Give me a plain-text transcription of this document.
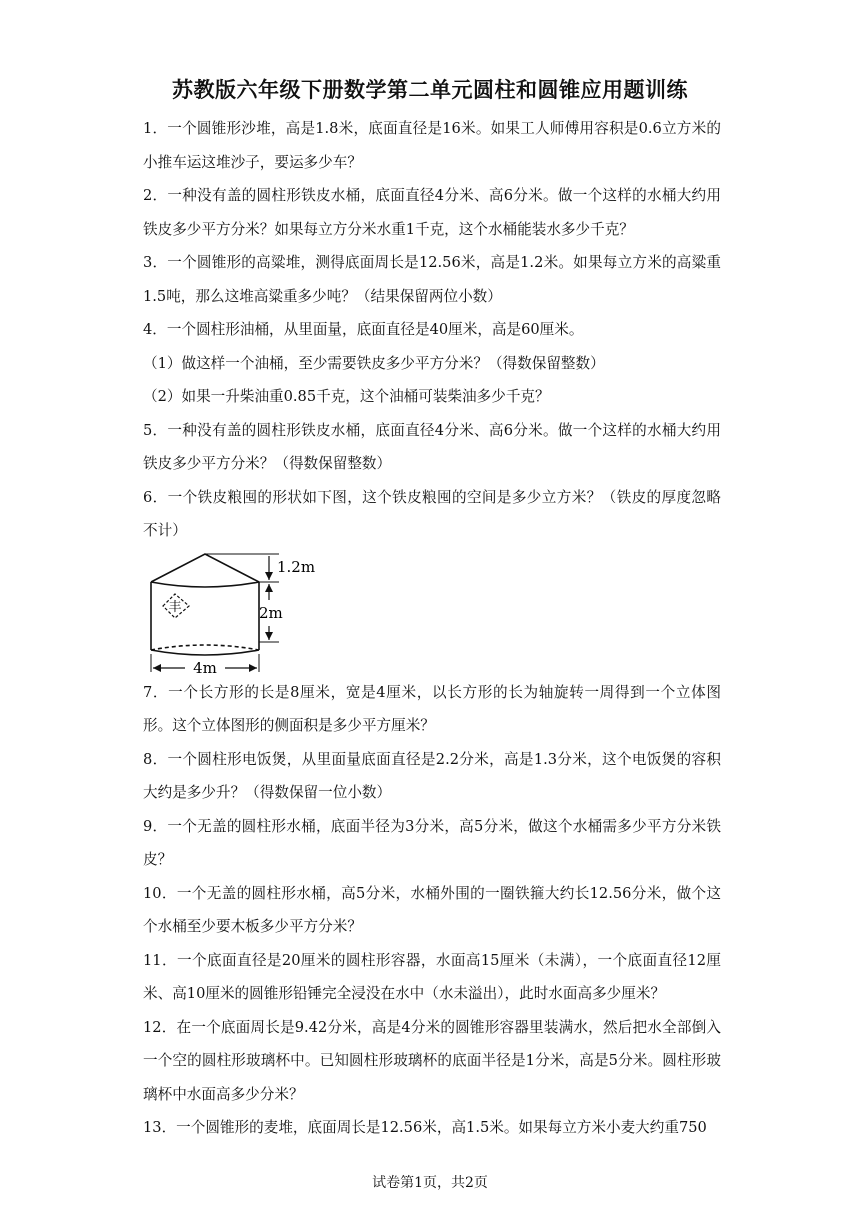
苏教版六年级下册数学第二单元圆柱和圆锥应用题训练

1．一个圆锥形沙堆，高是1.8米，底面直径是16米。如果工人师傅用容积是0.6立方米的小推车运这堆沙子，要运多少车？

2．一种没有盖的圆柱形铁皮水桶，底面直径4分米、高6分米。做一个这样的水桶大约用铁皮多少平方分米？如果每立方分米水重1千克，这个水桶能装水多少千克？

3．一个圆锥形的高粱堆，测得底面周长是12.56米，高是1.2米。如果每立方米的高粱重1.5吨，那么这堆高粱重多少吨？（结果保留两位小数）

4．一个圆柱形油桶，从里面量，底面直径是40厘米，高是60厘米。

（1）做这样一个油桶，至少需要铁皮多少平方分米？（得数保留整数）

（2）如果一升柴油重0.85千克，这个油桶可装柴油多少千克？

5．一种没有盖的圆柱形铁皮水桶，底面直径4分米、高6分米。做一个这样的水桶大约用铁皮多少平方分米？（得数保留整数）

6．一个铁皮粮囤的形状如下图，这个铁皮粮囤的空间是多少立方米？（铁皮的厚度忽略不计）

丰
1.2m
2m
4m

7．一个长方形的长是8厘米，宽是4厘米，以长方形的长为轴旋转一周得到一个立体图形。这个立体图形的侧面积是多少平方厘米？

8．一个圆柱形电饭煲，从里面量底面直径是2.2分米，高是1.3分米，这个电饭煲的容积大约是多少升？（得数保留一位小数）

9．一个无盖的圆柱形水桶，底面半径为3分米，高5分米，做这个水桶需多少平方分米铁皮？

10．一个无盖的圆柱形水桶，高5分米，水桶外围的一圈铁箍大约长12.56分米，做个这个水桶至少要木板多少平方分米？

11．一个底面直径是20厘米的圆柱形容器，水面高15厘米（未满），一个底面直径12厘米、高10厘米的圆锥形铅锤完全浸没在水中（水未溢出），此时水面高多少厘米？

12．在一个底面周长是9.42分米，高是4分米的圆锥形容器里装满水，然后把水全部倒入一个空的圆柱形玻璃杯中。已知圆柱形玻璃杯的底面半径是1分米，高是5分米。圆柱形玻璃杯中水面高多少分米？

13．一个圆锥形的麦堆，底面周长是12.56米，高1.5米。如果每立方米小麦大约重750

试卷第1页，共2页
